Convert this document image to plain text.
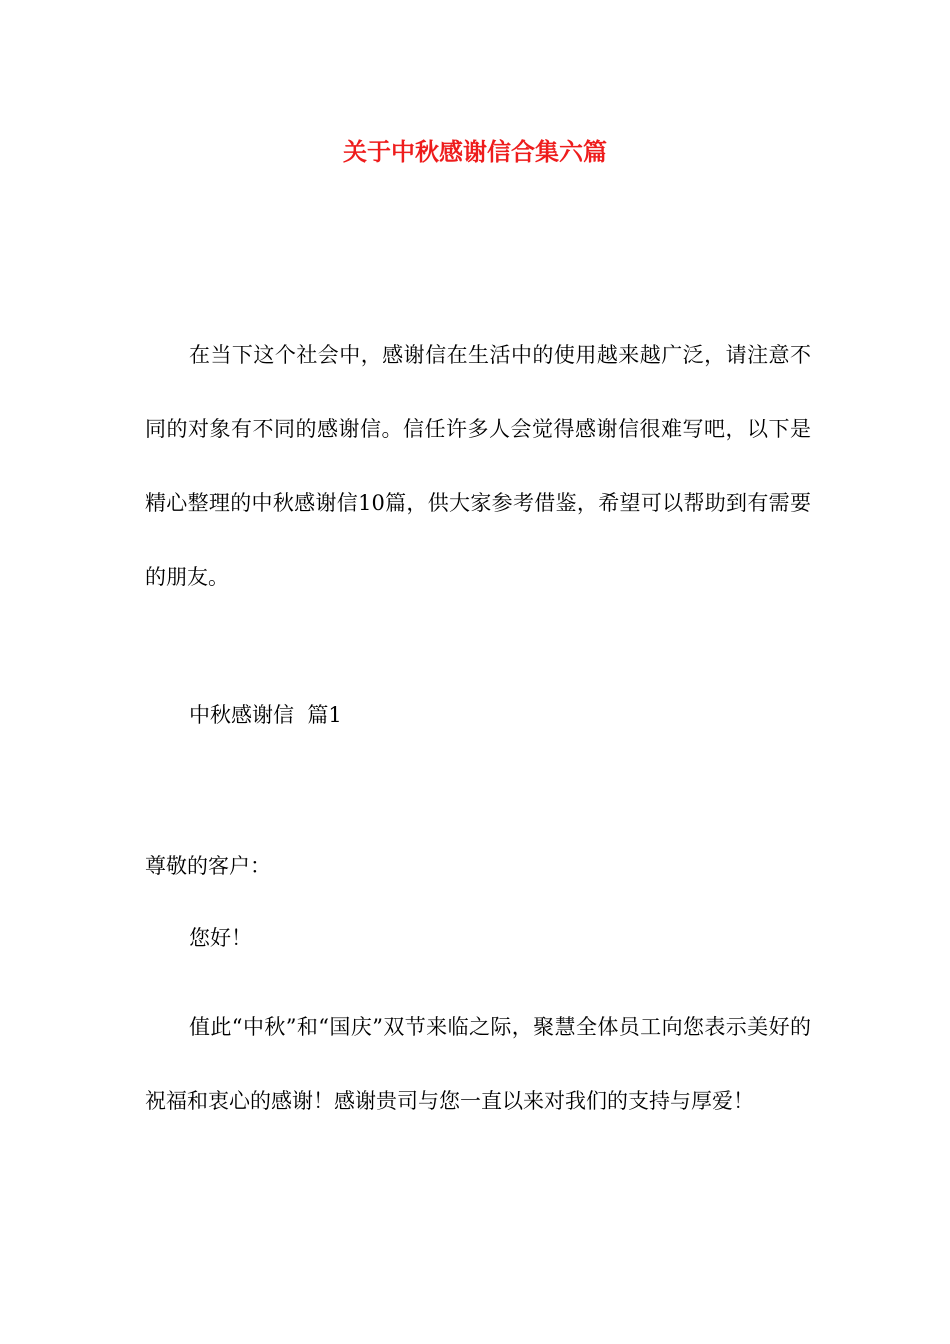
关于中秋感谢信合集六篇

在当下这个社会中，感谢信在生活中的使用越来越广泛，请注意不同的对象有不同的感谢信。信任许多人会觉得感谢信很难写吧，以下是精心整理的中秋感谢信10篇，供大家参考借鉴，希望可以帮助到有需要的朋友。

中秋感谢信  篇1

尊敬的客户：

您好！

值此“中秋”和“国庆”双节来临之际，聚慧全体员工向您表示美好的祝福和衷心的感谢！感谢贵司与您一直以来对我们的支持与厚爱！
